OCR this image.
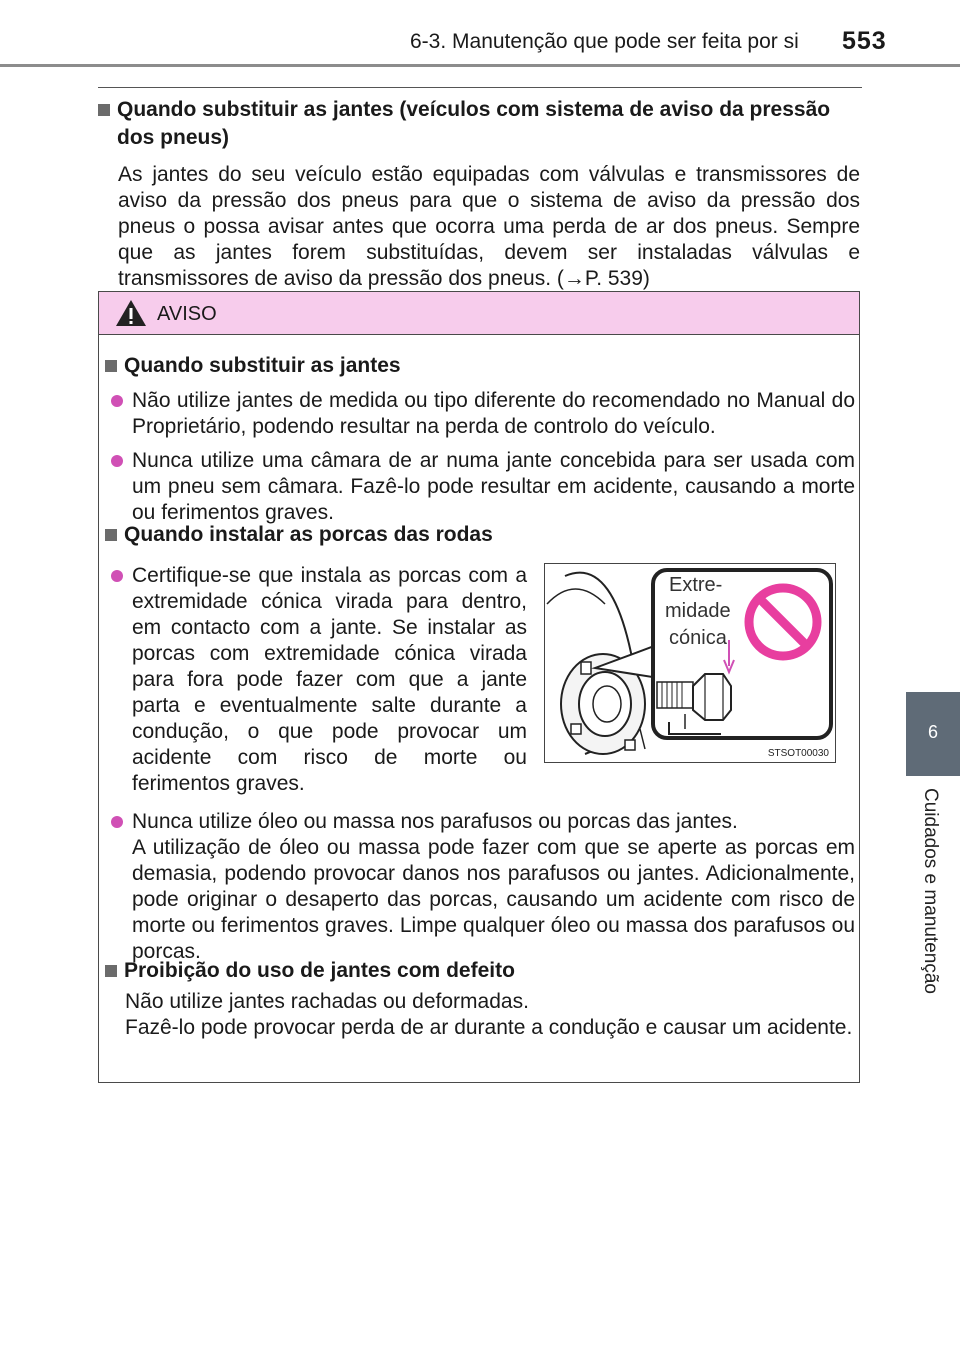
6-3. Manutenção que pode ser feita por si 553
6
Cuidados e manutenção
Quando substituir as jantes (veículos com sistema de aviso da pressão dos pneus)
As jantes do seu veículo estão equipadas com válvulas e transmissores de aviso da pressão dos pneus para que o sistema de aviso da pressão dos pneus o possa avisar antes que ocorra uma perda de ar dos pneus. Sempre que as jantes forem substituídas, devem ser instaladas válvulas e transmissores de aviso da pressão dos pneus. (→P. 539)
AVISO
Quando substituir as jantes
Não utilize jantes de medida ou tipo diferente do recomendado no Manual do Proprietário, podendo resultar na perda de controlo do veículo.
Nunca utilize uma câmara de ar numa jante concebida para ser usada com um pneu sem câmara. Fazê-lo pode resultar em acidente, causando a morte ou ferimentos graves.
Quando instalar as porcas das rodas
Certifique-se que instala as porcas com a extremidade cónica virada para dentro, em contacto com a jante. Se instalar as porcas com extremidade cónica virada para fora pode fazer com que a jante parta e eventualmente salte durante a condução, o que pode provocar um acidente com risco de morte ou ferimentos graves.
Nunca utilize óleo ou massa nos parafusos ou porcas das jantes.
A utilização de óleo ou massa pode fazer com que se aperte as porcas em demasia, podendo provocar danos nos parafusos ou jantes. Adicionalmente, pode originar o desaperto das porcas, causando um acidente com risco de morte ou ferimentos graves. Limpe qualquer óleo ou massa dos parafusos ou porcas.
Proibição do uso de jantes com defeito
Não utilize jantes rachadas ou deformadas.
Fazê-lo pode provocar perda de ar durante a condução e causar um acidente.
Extre-
midade
cónica
STSOT00030
